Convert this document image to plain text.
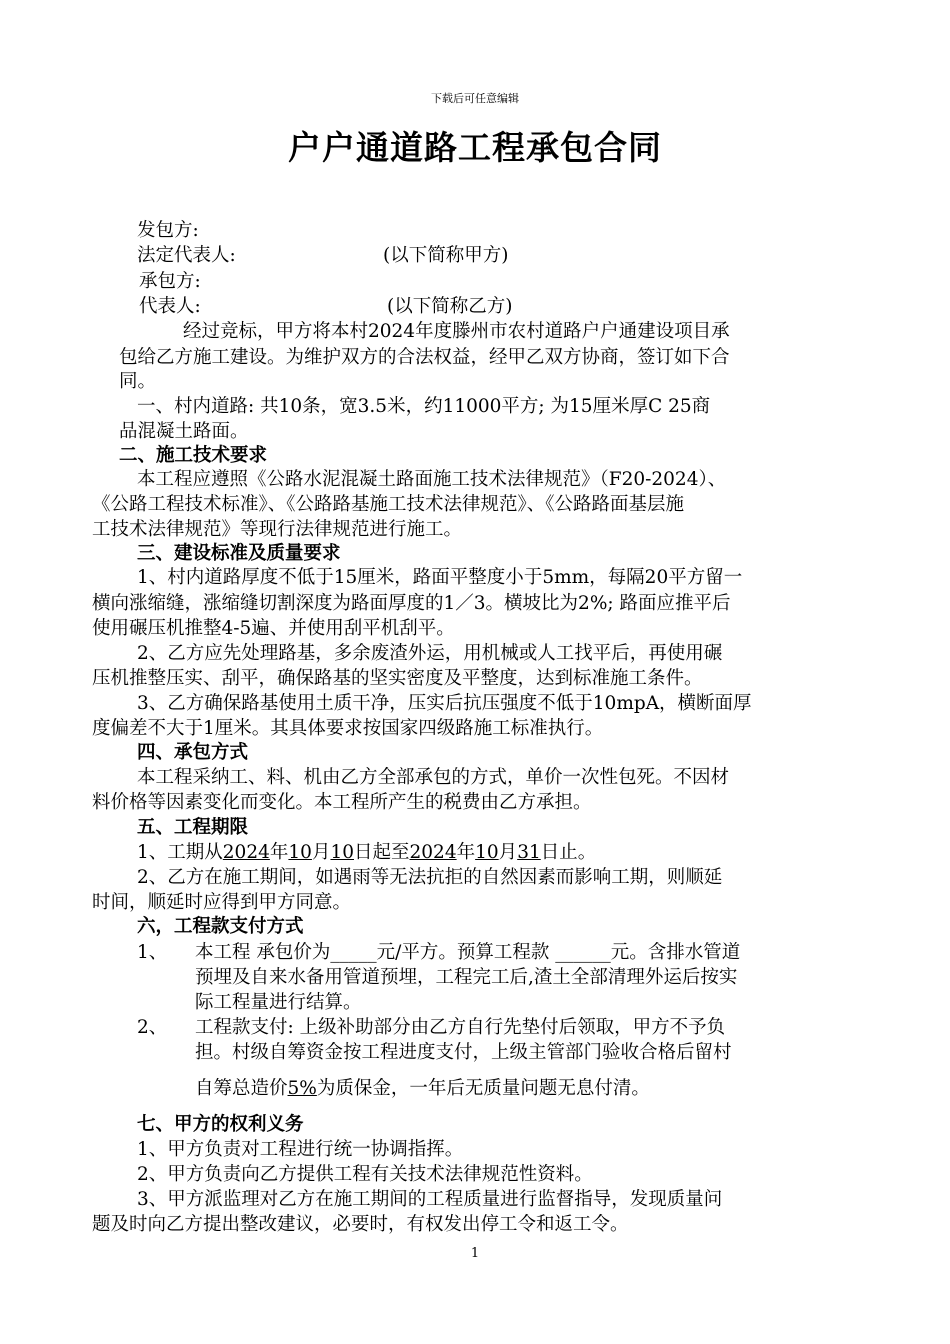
下载后可任意编辑
户户通道路工程承包合同
发包方:
法定代表人:	(以下简称甲方)
承包方:
代表人:	(以下简称乙方)
经过竞标，甲方将本村2024年度滕州市农村道路户户通建设项目承
包给乙方施工建设。为维护双方的合法权益，经甲乙双方协商，签订如下合
同。
一、村内道路: 共10条，宽3.5米，约11000平方; 为15厘米厚C 25商
品混凝土路面。
二、施工技术要求
本工程应遵照《公路水泥混凝土路面施工技术法律规范》（F20-2024）、
《公路工程技术标准》、《公路路基施工技术法律规范》、《公路路面基层施
工技术法律规范》等现行法律规范进行施工。
三、建设标准及质量要求
1、村内道路厚度不低于15厘米，路面平整度小于5mm，每隔20平方留一
横向涨缩缝，涨缩缝切割深度为路面厚度的1／3。横坡比为2%; 路面应推平后
使用碾压机推整4-5遍、并使用刮平机刮平。
2、乙方应先处理路基，多余废渣外运，用机械或人工找平后，再使用碾
压机推整压实、刮平，确保路基的坚实密度及平整度，达到标准施工条件。
3、乙方确保路基使用土质干净，压实后抗压强度不低于10mpA，横断面厚
度偏差不大于1厘米。其具体要求按国家四级路施工标准执行。
四、承包方式
本工程采纳工、料、机由乙方全部承包的方式，单价一次性包死。不因材
料价格等因素变化而变化。本工程所产生的税费由乙方承担。
五、工程期限
1、工期从2024年10月10日起至2024年10月31日止。
2、乙方在施工期间，如遇雨等无法抗拒的自然因素而影响工期，则顺延
时间，顺延时应得到甲方同意。
六，工程款支付方式
1、 本工程 承包价为_____元/平方。预算工程款 ______元。含排水管道
预埋及自来水备用管道预埋，工程完工后,渣土全部清理外运后按实
际工程量进行结算。
2、 工程款支付: 上级补助部分由乙方自行先垫付后领取，甲方不予负
担。村级自筹资金按工程进度支付，上级主管部门验收合格后留村
自筹总造价5%为质保金，一年后无质量问题无息付清。
七、甲方的权利义务
1、甲方负责对工程进行统一协调指挥。
2、甲方负责向乙方提供工程有关技术法律规范性资料。
3、甲方派监理对乙方在施工期间的工程质量进行监督指导，发现质量问
题及时向乙方提出整改建议，必要时，有权发出停工令和返工令。
1
